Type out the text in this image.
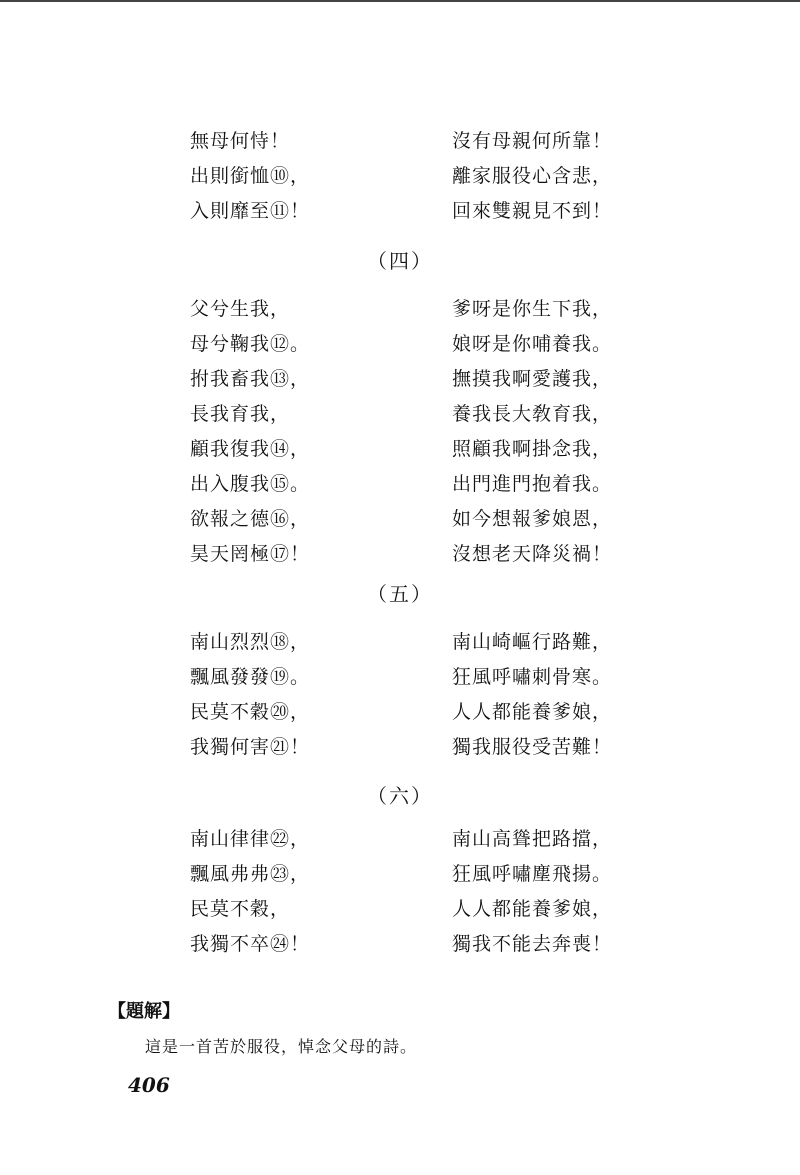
無母何恃！	沒有母親何所靠！
出則銜恤⑩，	離家服役心含悲，
入則靡至⑪！	回來雙親見不到！
（四）
父兮生我，	爹呀是你生下我，
母兮鞠我⑫。	娘呀是你哺養我。
拊我畜我⑬，	撫摸我啊愛護我，
長我育我，	養我長大敎育我，
顧我復我⑭，	照顧我啊掛念我，
出入腹我⑮。	出門進門抱着我。
欲報之德⑯，	如今想報爹娘恩，
昊天罔極⑰！	沒想老天降災禍！
（五）
南山烈烈⑱，	南山崎嶇行路難，
飄風發發⑲。	狂風呼嘯刺骨寒。
民莫不穀⑳，	人人都能養爹娘，
我獨何害㉑！	獨我服役受苦難！
（六）
南山律律㉒，	南山高聳把路擋，
飄風弗弗㉓，	狂風呼嘯塵飛揚。
民莫不穀，	人人都能養爹娘，
我獨不卒㉔！	獨我不能去奔喪！
【題解】
這是一首苦於服役，悼念父母的詩。
406
